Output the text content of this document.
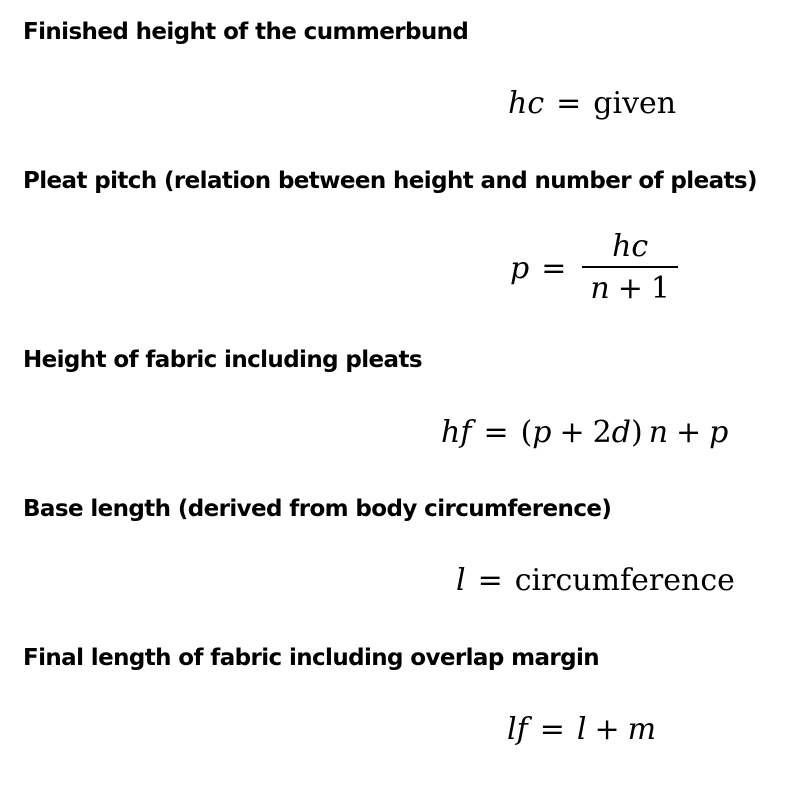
Finished height of the cummerbund
hc = given
Pleat pitch (relation between height and number of pleats)
$p = \frac{hc}{n + 1}$
Height of fabric including pleats
hf = ( p + 2 d ) n + p
Base length (derived from body circumference)
l = circumference
Final length of fabric including overlap margin
lf = l + m
